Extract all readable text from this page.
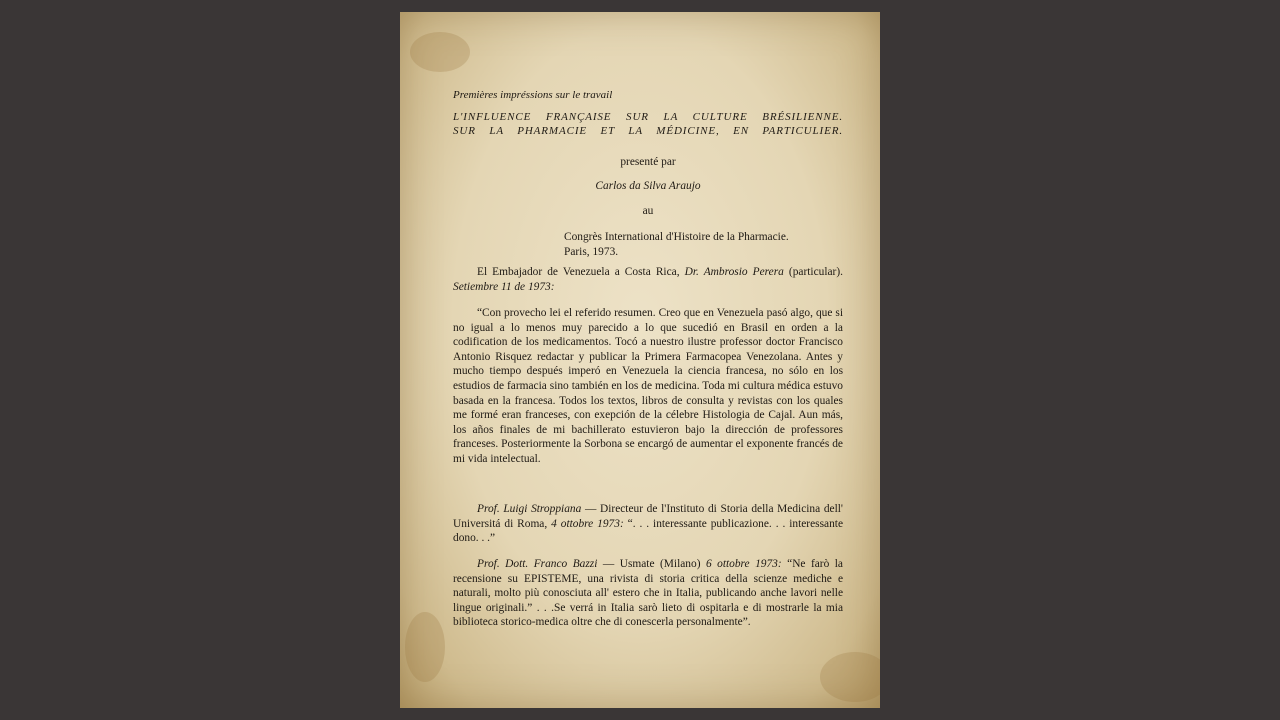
Premières impréssions sur le travail
L'INFLUENCE FRANÇAISE SUR LA CULTURE BRÉSILIENNE.
SUR LA PHARMACIE ET LA MÉDICINE, EN PARTICULIER.
presenté par
Carlos da Silva Araujo
au
Congrès International d'Histoire de la Pharmacie.
Paris, 1973.
El Embajador de Venezuela a Costa Rica, Dr. Ambrosio Perera (particular). Setiembre 11 de 1973:
“Con provecho lei el referido resumen. Creo que en Venezuela pasó algo, que si no igual a lo menos muy parecido a lo que sucedió en Brasil en orden a la codification de los medicamentos. Tocó a nuestro ilustre professor doctor Francisco Antonio Risquez redactar y publicar la Primera Farmacopea Venezolana. Antes y mucho tiempo después imperó en Venezuela la ciencia francesa, no sólo en los estudios de farmacia sino también en los de medicina. Toda mi cultura médica estuvo basada en la francesa. Todos los textos, libros de consulta y revistas con los quales me formé eran franceses, con exepción de la célebre Histologia de Cajal. Aun más, los años finales de mi bachillerato estuvieron bajo la dirección de professores franceses. Posteriormente la Sorbona se encargó de aumentar el exponente francés de mi vida intelectual.
Prof. Luigi Stroppiana — Directeur de l'Instituto di Storia della Medicina dell' Universitá di Roma, 4 ottobre 1973: “. . . interessante publicazione. . . interessante dono. . .”
Prof. Dott. Franco Bazzi — Usmate (Milano) 6 ottobre 1973: “Ne farò la recensione su EPISTEME, una rivista di storia critica della scienze mediche e naturali, molto più conosciuta all' estero che in Italia, publicando anche lavori nelle lingue originali.” . . .Se verrá in Italia sarò lieto di ospitarla e di mostrarle la mia biblioteca storico-medica oltre che di conescerla personalmente”.
